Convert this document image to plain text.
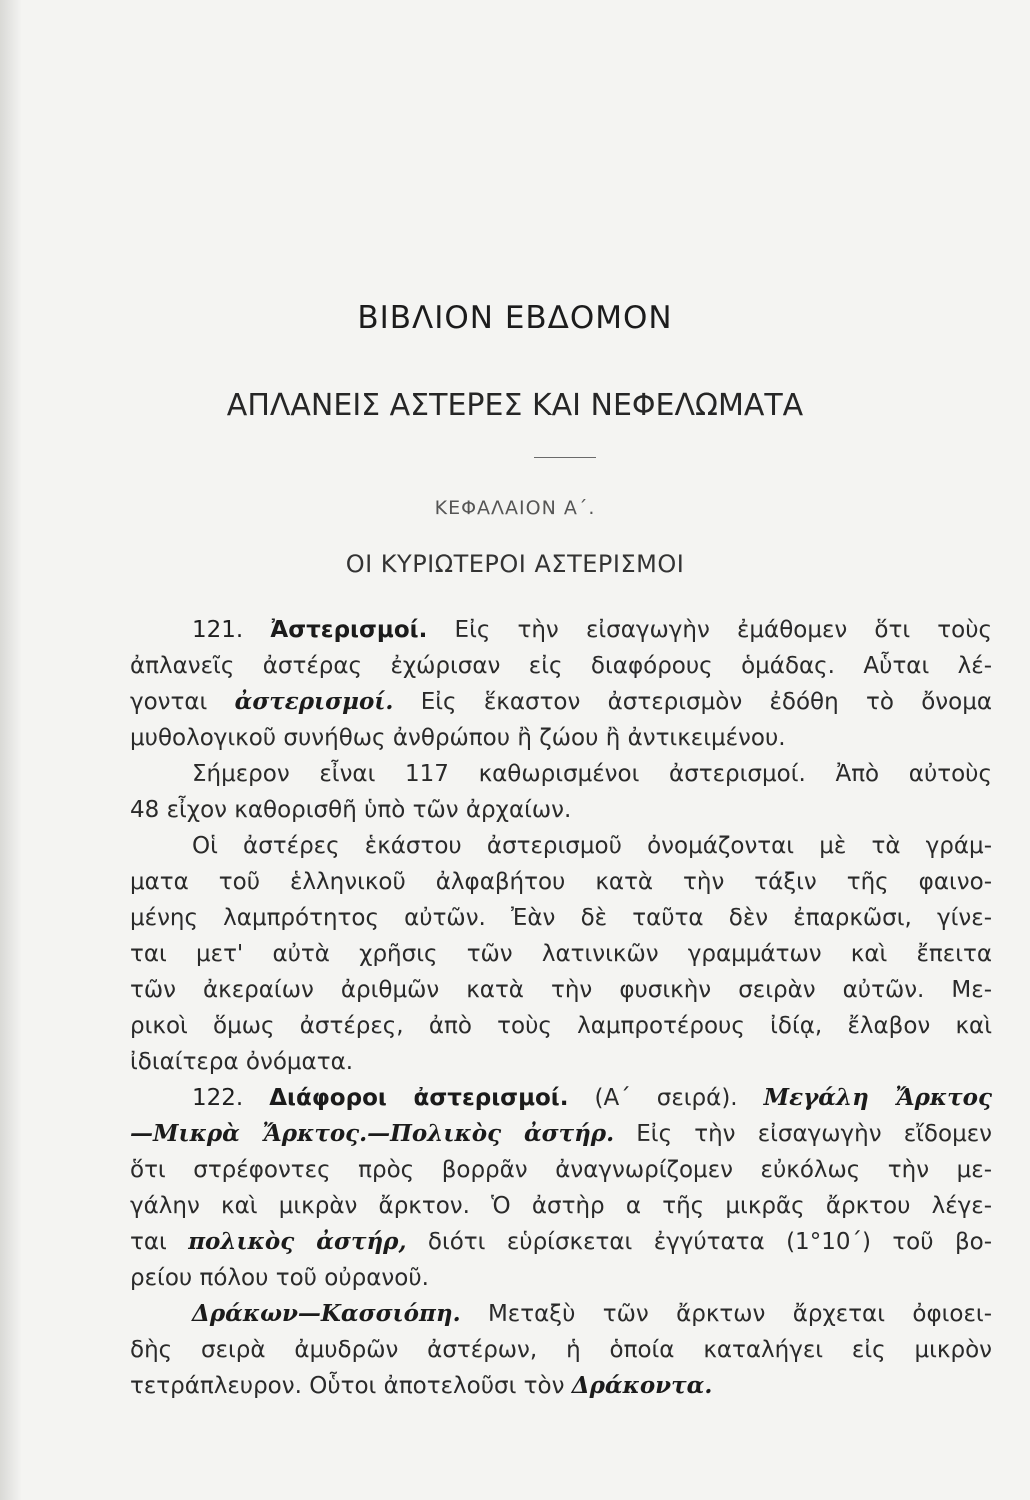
ΒΙΒΛΙΟΝ ΕΒΔΟΜΟΝ
ΑΠΛΑΝΕΙΣ ΑΣΤΕΡΕΣ ΚΑΙ ΝΕΦΕΛΩΜΑΤΑ
ΚΕΦΑΛΑΙΟΝ Α΄.
ΟΙ ΚΥΡΙΩΤΕΡΟΙ ΑΣΤΕΡΙΣΜΟΙ
121. Ἀστερισμοί. Εἰς τὴν εἰσαγωγὴν ἐμάθομεν ὅτι τοὺς
ἀπλανεῖς ἀστέρας ἐχώρισαν εἰς διαφόρους ὁμάδας. Αὗται λέ-
γονται ἀστερισμοί. Εἰς ἕκαστον ἀστερισμὸν ἐδόθη τὸ ὄνομα
μυθολογικοῦ συνήθως ἀνθρώπου ἢ ζώου ἢ ἀντικειμένου.
Σήμερον εἶναι 117 καθωρισμένοι ἀστερισμοί. Ἀπὸ αὐτοὺς
48 εἶχον καθορισθῆ ὑπὸ τῶν ἀρχαίων.
Οἱ ἀστέρες ἑκάστου ἀστερισμοῦ ὀνομάζονται μὲ τὰ γράμ-
ματα τοῦ ἑλληνικοῦ ἀλφαβήτου κατὰ τὴν τάξιν τῆς φαινο-
μένης λαμπρότητος αὐτῶν. Ἐὰν δὲ ταῦτα δὲν ἐπαρκῶσι, γίνε-
ται μετ' αὐτὰ χρῆσις τῶν λατινικῶν γραμμάτων καὶ ἔπειτα
τῶν ἀκεραίων ἀριθμῶν κατὰ τὴν φυσικὴν σειρὰν αὐτῶν. Με-
ρικοὶ ὅμως ἀστέρες, ἀπὸ τοὺς λαμπροτέρους ἰδίᾳ, ἔλαβον καὶ
ἰδιαίτερα ὀνόματα.
122. Διάφοροι ἀστερισμοί. (Α΄ σειρά). Μεγάλη Ἄρκτος
—Μικρὰ Ἄρκτος.—Πολικὸς ἀστήρ. Εἰς τὴν εἰσαγωγὴν εἴδομεν
ὅτι στρέφοντες πρὸς βορρᾶν ἀναγνωρίζομεν εὐκόλως τὴν με-
γάλην καὶ μικρὰν ἄρκτον. Ὁ ἀστὴρ α τῆς μικρᾶς ἄρκτου λέγε-
ται πολικὸς ἀστήρ, διότι εὑρίσκεται ἐγγύτατα (1°10΄) τοῦ βο-
ρείου πόλου τοῦ οὐρανοῦ.
Δράκων—Κασσιόπη. Μεταξὺ τῶν ἄρκτων ἄρχεται ὀφιοει-
δὴς σειρὰ ἀμυδρῶν ἀστέρων, ἡ ὁποία καταλήγει εἰς μικρὸν
τετράπλευρον. Οὗτοι ἀποτελοῦσι τὸν Δράκοντα.
